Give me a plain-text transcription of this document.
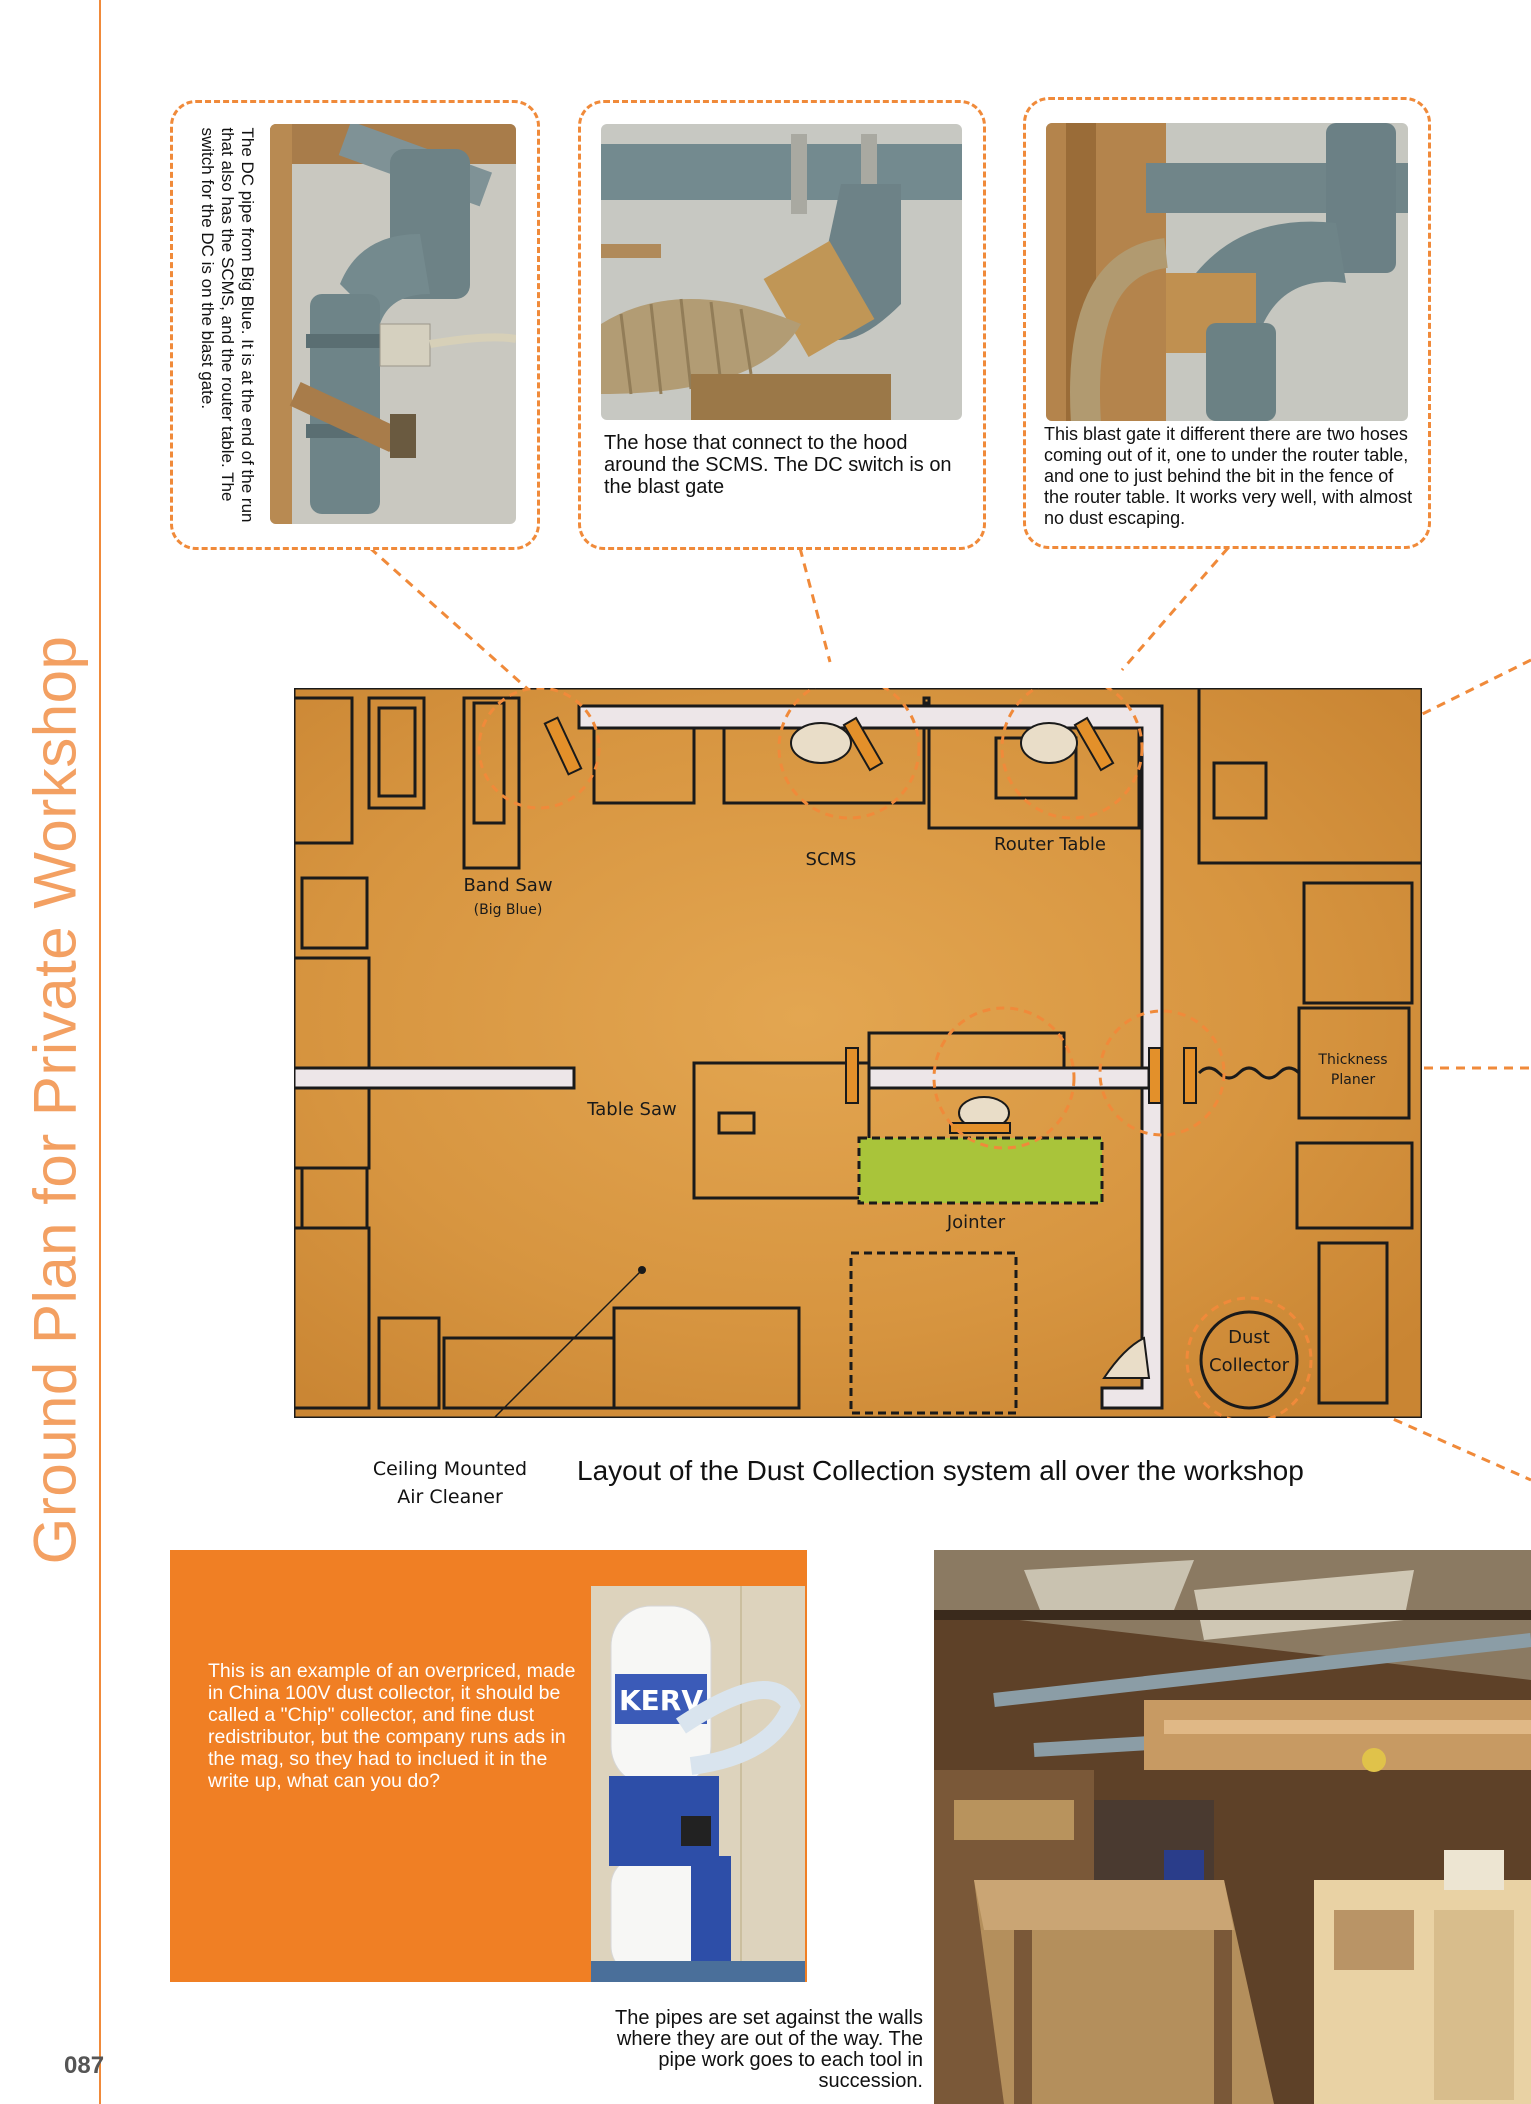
Ground Plan for Private Workshop
087
The DC pipe from Big Blue. It is at the end of the run that also has the SCMS, and the router table. The switch for the DC is on the blast gate.
The hose that connect to the hood around the SCMS. The DC switch is on the blast gate
This blast gate it different there are two hoses coming out of it, one to under the router table, and one to just behind the bit in the fence of the router table. It works very well, with almost no dust escaping.
Band Saw
(Big Blue)
SCMS
Router Table
Table Saw
Jointer
Thickness
Planer
Dust
Collector
Ceiling Mounted
Air Cleaner
Layout of the Dust Collection system all over the workshop
This is an example of an overpriced, made in China 100V dust collector, it should be called a "Chip" collector, and fine dust redistributor, but the company runs ads in the mag, so they had to inclued it in the write up, what can you do?
KERV
The pipes are set against the walls where they are out of the way. The pipe work goes to each tool in succession.
